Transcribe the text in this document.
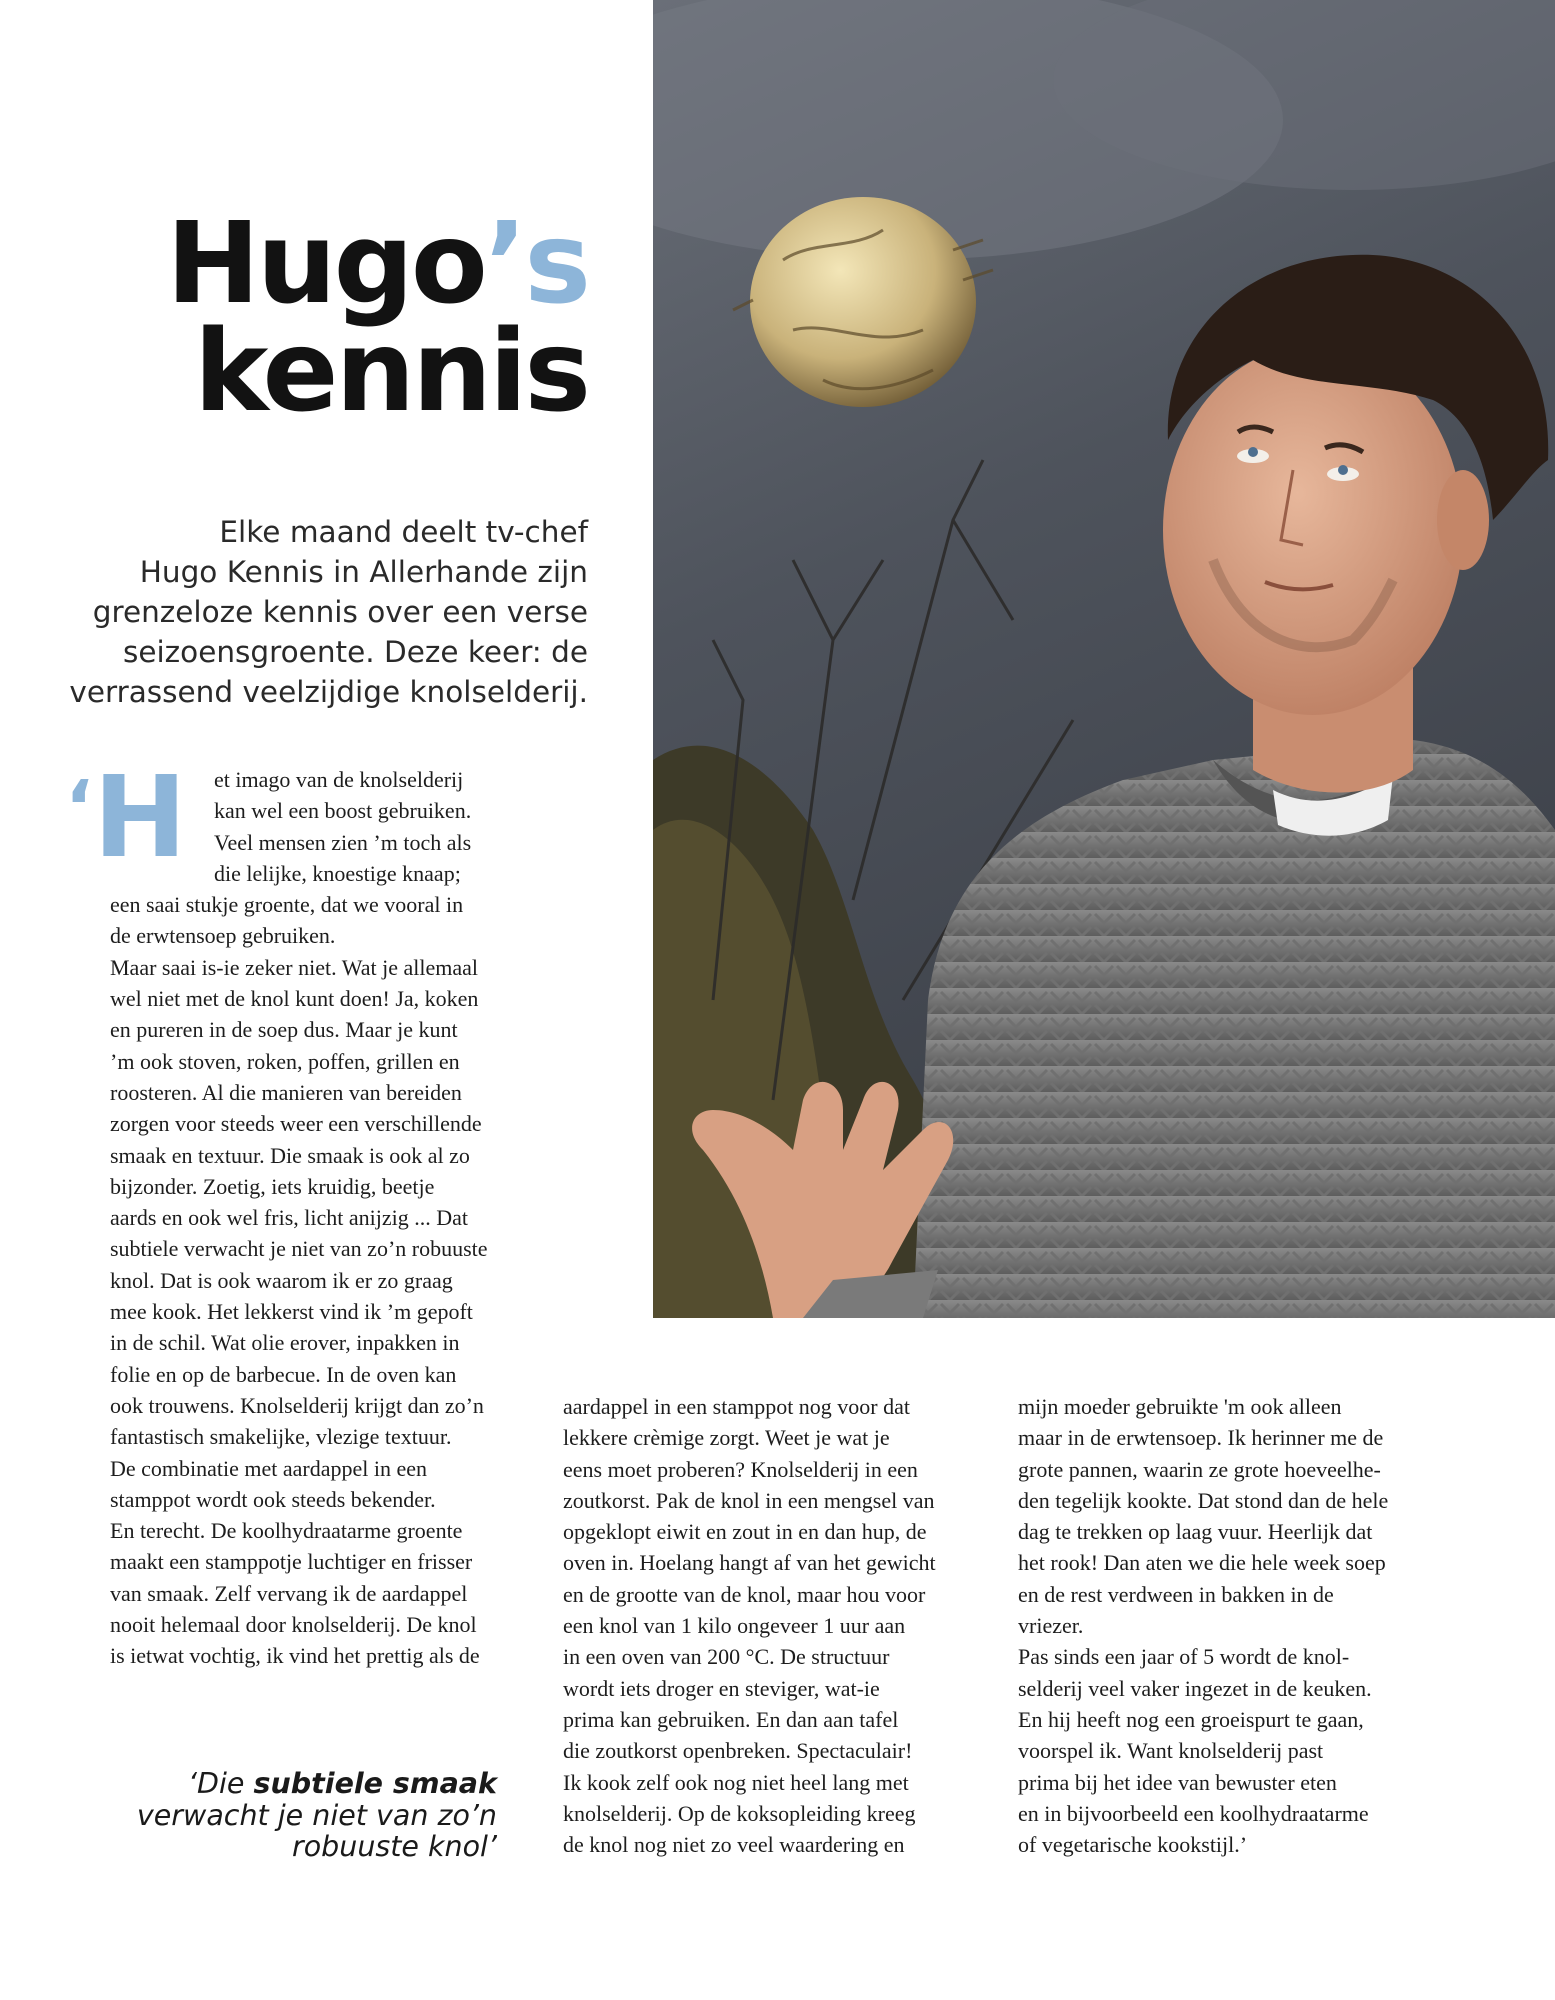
Hugo’s
kennis
Elke maand deelt tv-chef
Hugo Kennis in Allerhande zijn
grenzeloze kennis over een verse
seizoensgroente. Deze keer: de
verrassend veelzijdige knolselderij.
‘H et imago van de knolselderij
kan wel een boost gebruiken.
Veel mensen zien ’m toch als
die lelijke, knoestige knaap;
een saai stukje groente, dat we vooral in
de erwtensoep gebruiken.
Maar saai is-ie zeker niet. Wat je allemaal
wel niet met de knol kunt doen! Ja, koken
en pureren in de soep dus. Maar je kunt
’m ook stoven, roken, poffen, grillen en
roosteren. Al die manieren van bereiden
zorgen voor steeds weer een verschillende
smaak en textuur. Die smaak is ook al zo
bijzonder. Zoetig, iets kruidig, beetje
aards en ook wel fris, licht anijzig ... Dat
subtiele verwacht je niet van zo’n robuuste
knol. Dat is ook waarom ik er zo graag
mee kook. Het lekkerst vind ik ’m gepoft
in de schil. Wat olie erover, inpakken in
folie en op de barbecue. In de oven kan
ook trouwens. Knolselderij krijgt dan zo’n
fantastisch smakelijke, vlezige textuur.
De combinatie met aardappel in een
stamppot wordt ook steeds bekender.
En terecht. De koolhydraatarme groente
maakt een stamppotje luchtiger en frisser
van smaak. Zelf vervang ik de aardappel
nooit helemaal door knolselderij. De knol
is ietwat vochtig, ik vind het prettig als de
aardappel in een stamppot nog voor dat
lekkere crèmige zorgt. Weet je wat je
eens moet proberen? Knolselderij in een
zoutkorst. Pak de knol in een mengsel van
opgeklopt eiwit en zout in en dan hup, de
oven in. Hoelang hangt af van het gewicht
en de grootte van de knol, maar hou voor
een knol van 1 kilo ongeveer 1 uur aan
in een oven van 200 °C. De structuur
wordt iets droger en steviger, wat-ie
prima kan gebruiken. En dan aan tafel
die zoutkorst openbreken. Spectaculair!
Ik kook zelf ook nog niet heel lang met
knolselderij. Op de koksopleiding kreeg
de knol nog niet zo veel waardering en
mijn moeder gebruikte 'm ook alleen
maar in de erwtensoep. Ik herinner me de
grote pannen, waarin ze grote hoeveelhe-
den tegelijk kookte. Dat stond dan de hele
dag te trekken op laag vuur. Heerlijk dat
het rook! Dan aten we die hele week soep
en de rest verdween in bakken in de
vriezer.
Pas sinds een jaar of 5 wordt de knol-
selderij veel vaker ingezet in de keuken.
En hij heeft nog een groeispurt te gaan,
voorspel ik. Want knolselderij past
prima bij het idee van bewuster eten
en in bijvoorbeeld een koolhydraatarme
of vegetarische kookstijl.’
‘Die subtiele smaak
verwacht je niet van zo’n
robuuste knol’
